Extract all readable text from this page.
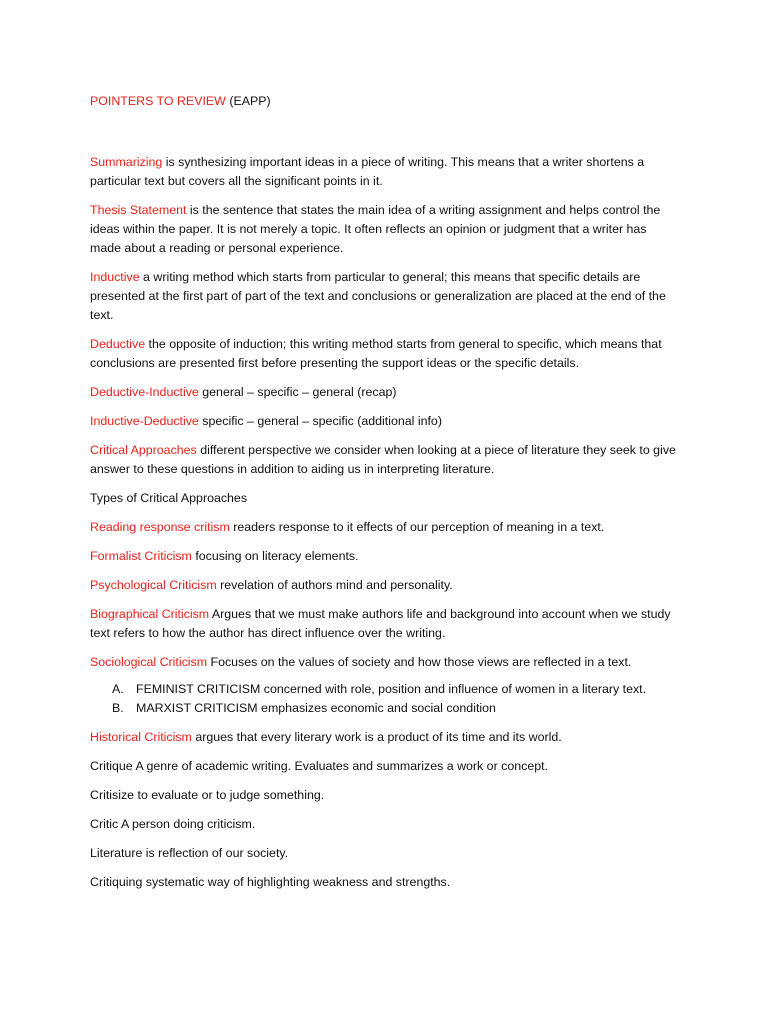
POINTERS TO REVIEW (EAPP)

Summarizing is synthesizing important ideas in a piece of writing. This means that a writer shortens a particular text but covers all the significant points in it.

Thesis Statement is the sentence that states the main idea of a writing assignment and helps control the ideas within the paper. It is not merely a topic. It often reflects an opinion or judgment that a writer has made about a reading or personal experience.

Inductive a writing method which starts from particular to general; this means that specific details are presented at the first part of part of the text and conclusions or generalization are placed at the end of the text.

Deductive the opposite of induction; this writing method starts from general to specific, which means that conclusions are presented first before presenting the support ideas or the specific details.

Deductive-Inductive general – specific – general (recap)

Inductive-Deductive specific – general – specific (additional info)

Critical Approaches different perspective we consider when looking at a piece of literature they seek to give answer to these questions in addition to aiding us in interpreting literature.

Types of Critical Approaches

Reading response critism readers response to it effects of our perception of meaning in a text.

Formalist Criticism focusing on literacy elements.

Psychological Criticism revelation of authors mind and personality.

Biographical Criticism Argues that we must make authors life and background into account when we study text refers to how the author has direct influence over the writing.

Sociological Criticism Focuses on the values of society and how those views are reflected in a text.

A. FEMINIST CRITICISM concerned with role, position and influence of women in a literary text.
B. MARXIST CRITICISM emphasizes economic and social condition

Historical Criticism argues that every literary work is a product of its time and its world.

Critique A genre of academic writing. Evaluates and summarizes a work or concept.

Critisize to evaluate or to judge something.

Critic A person doing criticism.

Literature is reflection of our society.

Critiquing systematic way of highlighting weakness and strengths.
